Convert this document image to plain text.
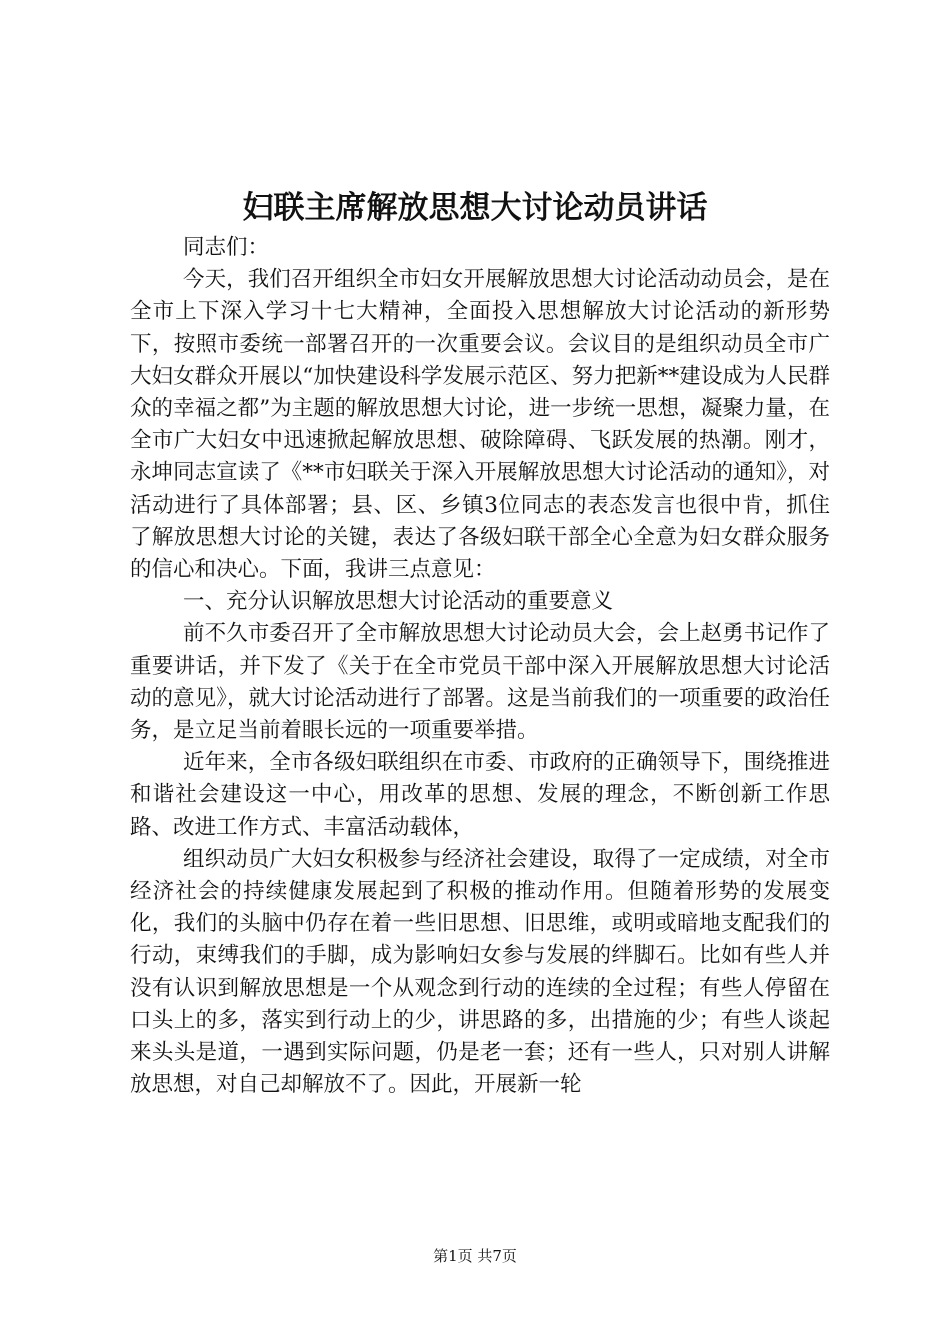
妇联主席解放思想大讨论动员讲话

同志们：

今天，我们召开组织全市妇女开展解放思想大讨论活动动员会，是在全市上下深入学习十七大精神，全面投入思想解放大讨论活动的新形势下，按照市委统一部署召开的一次重要会议。会议目的是组织动员全市广大妇女群众开展以“加快建设科学发展示范区、努力把新**建设成为人民群众的幸福之都”为主题的解放思想大讨论，进一步统一思想，凝聚力量，在全市广大妇女中迅速掀起解放思想、破除障碍、飞跃发展的热潮。刚才，永坤同志宣读了《**市妇联关于深入开展解放思想大讨论活动的通知》，对活动进行了具体部署；县、区、乡镇3位同志的表态发言也很中肯，抓住了解放思想大讨论的关键，表达了各级妇联干部全心全意为妇女群众服务的信心和决心。下面，我讲三点意见：

一、充分认识解放思想大讨论活动的重要意义

前不久市委召开了全市解放思想大讨论动员大会，会上赵勇书记作了重要讲话，并下发了《关于在全市党员干部中深入开展解放思想大讨论活动的意见》，就大讨论活动进行了部署。这是当前我们的一项重要的政治任务，是立足当前着眼长远的一项重要举措。

近年来，全市各级妇联组织在市委、市政府的正确领导下，围绕推进和谐社会建设这一中心，用改革的思想、发展的理念，不断创新工作思路、改进工作方式、丰富活动载体，

组织动员广大妇女积极参与经济社会建设，取得了一定成绩，对全市经济社会的持续健康发展起到了积极的推动作用。但随着形势的发展变化，我们的头脑中仍存在着一些旧思想、旧思维，或明或暗地支配我们的行动，束缚我们的手脚，成为影响妇女参与发展的绊脚石。比如有些人并没有认识到解放思想是一个从观念到行动的连续的全过程；有些人停留在口头上的多，落实到行动上的少，讲思路的多，出措施的少；有些人谈起来头头是道，一遇到实际问题，仍是老一套；还有一些人，只对别人讲解放思想，对自己却解放不了。因此，开展新一轮

第1页 共7页
